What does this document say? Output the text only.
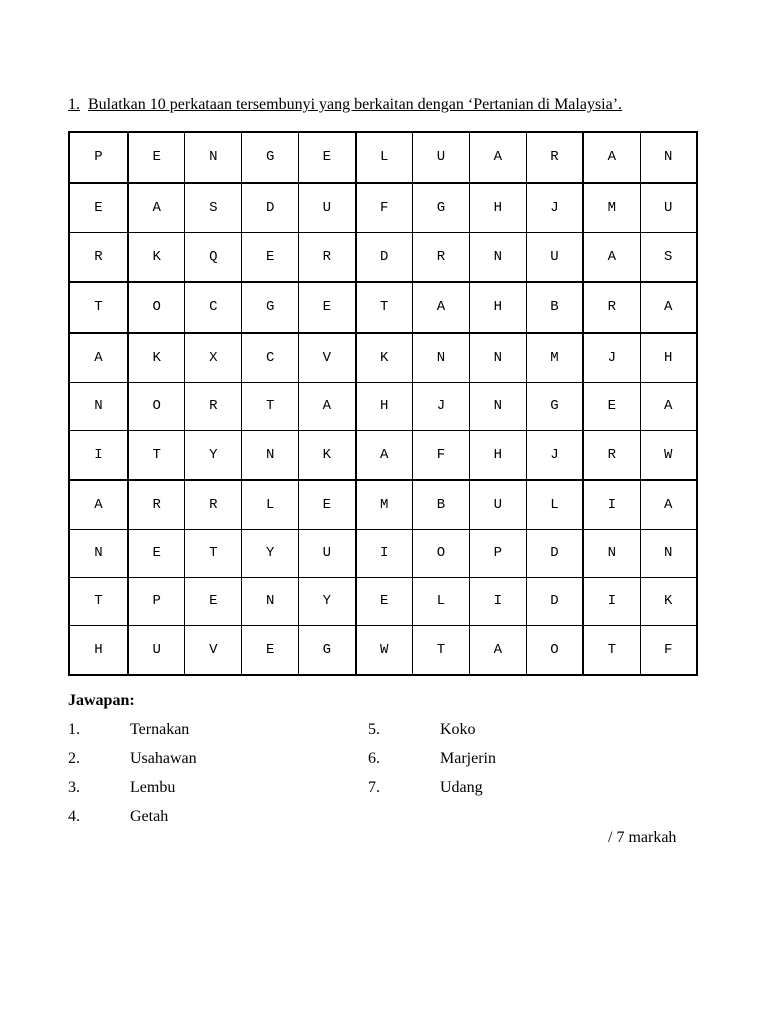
1. Bulatkan 10 perkataan tersembunyi yang berkaitan dengan ‘Pertanian di Malaysia’.
P	E	N	G	E	L	U	A	R	A	N
E	A	S	D	U	F	G	H	J	M	U
R	K	Q	E	R	D	R	N	U	A	S
T	O	C	G	E	T	A	H	B	R	A
A	K	X	C	V	K	N	N	M	J	H
N	O	R	T	A	H	J	N	G	E	A
I	T	Y	N	K	A	F	H	J	R	W
A	R	R	L	E	M	B	U	L	I	A
N	E	T	Y	U	I	O	P	D	N	N
T	P	E	N	Y	E	L	I	D	I	K
H	U	V	E	G	W	T	A	O	T	F
Jawapan:
1.	Ternakan
2.	Usahawan
3.	Lembu
4.	Getah
5.	Koko
6.	Marjerin
7.	Udang
/ 7 markah
